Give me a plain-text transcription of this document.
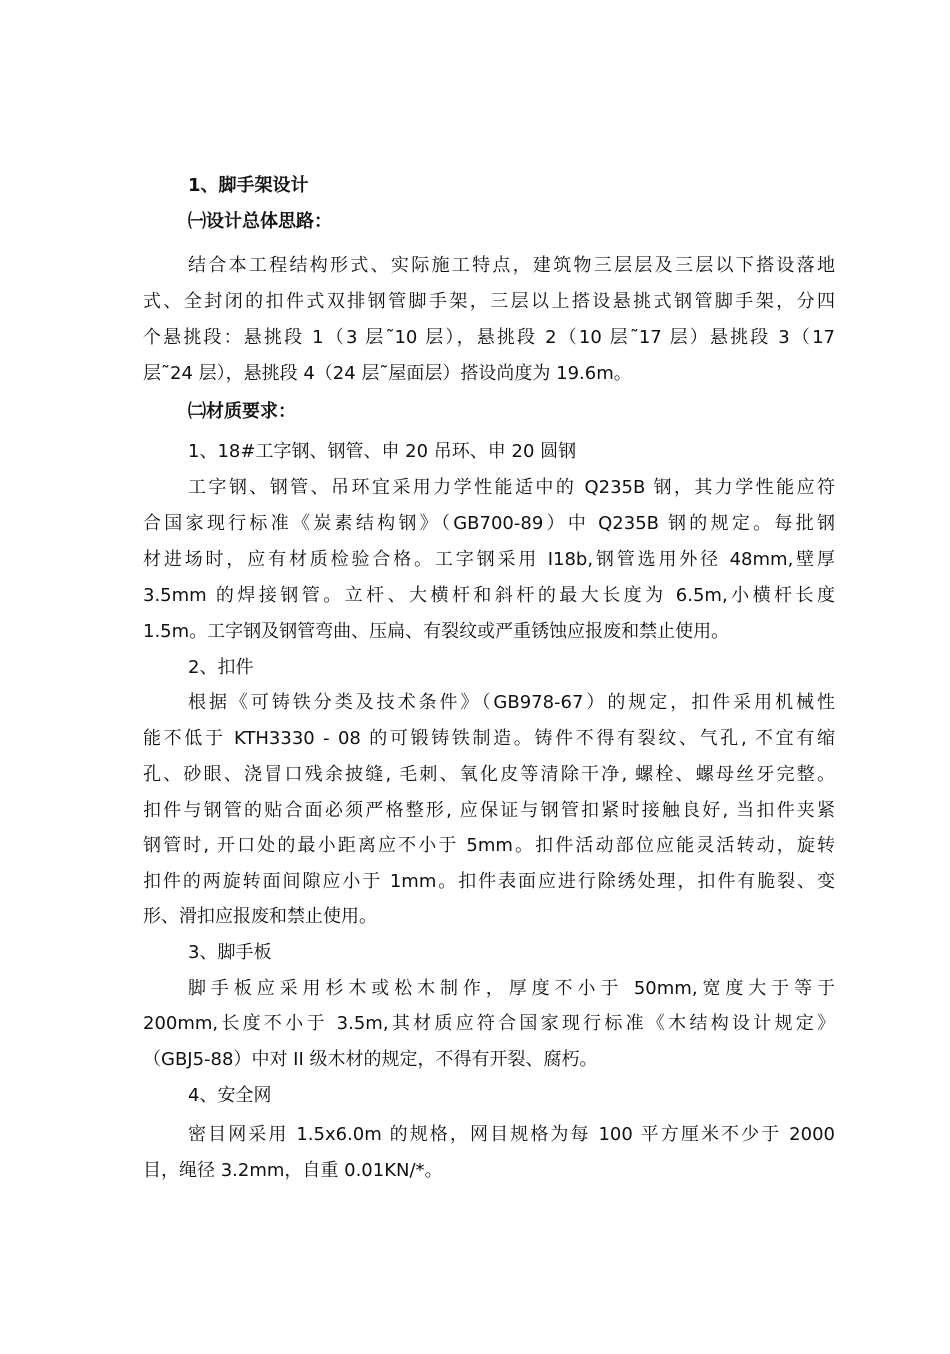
1、脚手架设计
㈠设计总体思路：
结合本工程结构形式、实际施工特点，建筑物三层层及三层以下搭设落地
式、全封闭的扣件式双排钢管脚手架，三层以上搭设悬挑式钢管脚手架，分四
个悬挑段：悬挑段 1（3 层˜10 层），悬挑段 2（10 层˜17 层）悬挑段 3（17
层˜24 层），悬挑段 4（24 层˜屋面层）搭设尚度为 19.6m。
㈡材质要求：
1、18#工字钢、钢管、申 20 吊环、申 20 圆钢
工字钢、钢管、吊环宜采用力学性能适中的 Q235B 钢，其力学性能应符
合国家现行标准《炭素结构钢》（GB700-89）中 Q235B 钢的规定。每批钢
材进场时，应有材质检验合格。工字钢采用 I18b,钢管选用外径 48mm,壁厚
3.5mm 的焊接钢管。立杆、大横杆和斜杆的最大长度为 6.5m,小横杆长度
1.5m。工字钢及钢管弯曲、压扁、有裂纹或严重锈蚀应报废和禁止使用。
2、扣件
根据《可铸铁分类及技术条件》（GB978-67）的规定，扣件采用机械性
能不低于 KTH3330 - 08 的可锻铸铁制造。铸件不得有裂纹、气孔, 不宜有缩
孔、砂眼、浇冒口残余披缝, 毛刺、氧化皮等清除干净, 螺栓、螺母丝牙完整。
扣件与钢管的贴合面必须严格整形, 应保证与钢管扣紧时接触良好, 当扣件夹紧
钢管时, 开口处的最小距离应不小于 5mm。扣件活动部位应能灵活转动，旋转
扣件的两旋转面间隙应小于 1mm。扣件表面应进行除绣处理，扣件有脆裂、变
形、滑扣应报废和禁止使用。
3、脚手板
脚手板应采用杉木或松木制作，厚度不小于 50mm,宽度大于等于
200mm,长度不小于 3.5m,其材质应符合国家现行标准《木结构设计规定》
（GBJ5-88）中对 II 级木材的规定，不得有开裂、腐朽。
4、安全网
密目网采用 1.5x6.0m 的规格，网目规格为每 100 平方厘米不少于 2000
目，绳径 3.2mm，自重 0.01KN/*。
